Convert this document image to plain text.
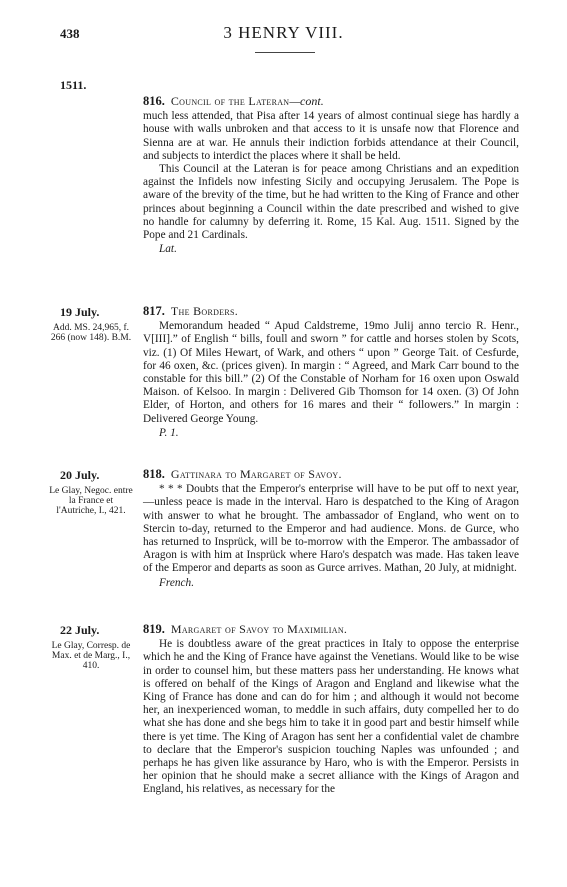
438	3 HENRY VIII.
1511.
816. Council of the Lateran—cont.

much less attended, that Pisa after 14 years of almost continual siege has hardly a house with walls unbroken and that access to it is unsafe now that Florence and Sienna are at war. He annuls their indiction forbids attendance at their Council, and subjects to interdict the places where it shall be held.

This Council at the Lateran is for peace among Christians and an expedition against the Infidels now infesting Sicily and occupying Jerusalem. The Pope is aware of the brevity of the time, but he had written to the King of France and other princes about beginning a Council within the date prescribed and wished to give no handle for calumny by deferring it. Rome, 15 Kal. Aug. 1511. Signed by the Pope and 21 Cardinals.

Lat.
19 July.
Add. MS. 24,965, f. 266 (now 148). B.M.
817. The Borders.

Memorandum headed “ Apud Caldstreme, 19mo Julij anno tercio R. Henr., V[III].” of English “ bills, foull and sworn ” for cattle and horses stolen by Scots, viz. (1) Of Miles Hewart, of Wark, and others “ upon ” George Tait. of Cesfurde, for 46 oxen, &c. (prices given). In margin : “ Agreed, and Mark Carr bound to the constable for this bill.” (2) Of the Constable of Norham for 16 oxen upon Oswald Maison. of Kelsoo. In margin : Delivered Gib Thomson for 14 oxen. (3) Of John Elder, of Horton, and others for 16 mares and their “ followers.” In margin : Delivered George Young.

P. 1.
20 July.
Le Glay, Negoc. entre la France et l'Autriche, I., 421.
818. Gattinara to Margaret of Savoy.

* * * Doubts that the Emperor's enterprise will have to be put off to next year,—unless peace is made in the interval. Haro is despatched to the King of Aragon with answer to what he brought. The ambassador of England, who went on to Stercin to-day, returned to the Emperor and had audience. Mons. de Gurce, who has returned to Insprück, will be to-morrow with the Emperor. The ambassador of Aragon is with him at Insprück where Haro's despatch was made. Has taken leave of the Emperor and departs as soon as Gurce arrives. Mathan, 20 July, at midnight.

French.
22 July.
Le Glay, Corresp. de Max. et de Marg., I., 410.
819. Margaret of Savoy to Maximilian.

He is doubtless aware of the great practices in Italy to oppose the enterprise which he and the King of France have against the Venetians. Would like to be wise in order to counsel him, but these matters pass her understanding. He knows what is offered on behalf of the Kings of Aragon and England and likewise what the King of France has done and can do for him ; and although it would not become her, an inexperienced woman, to meddle in such affairs, duty compelled her to do what she has done and she begs him to take it in good part and bestir himself while there is yet time. The King of Aragon has sent her a confidential valet de chambre to declare that the Emperor's suspicion touching Naples was unfounded ; and perhaps he has given like assurance by Haro, who is with the Emperor. Persists in her opinion that he should make a secret alliance with the Kings of Aragon and England, his relatives, as necessary for the
